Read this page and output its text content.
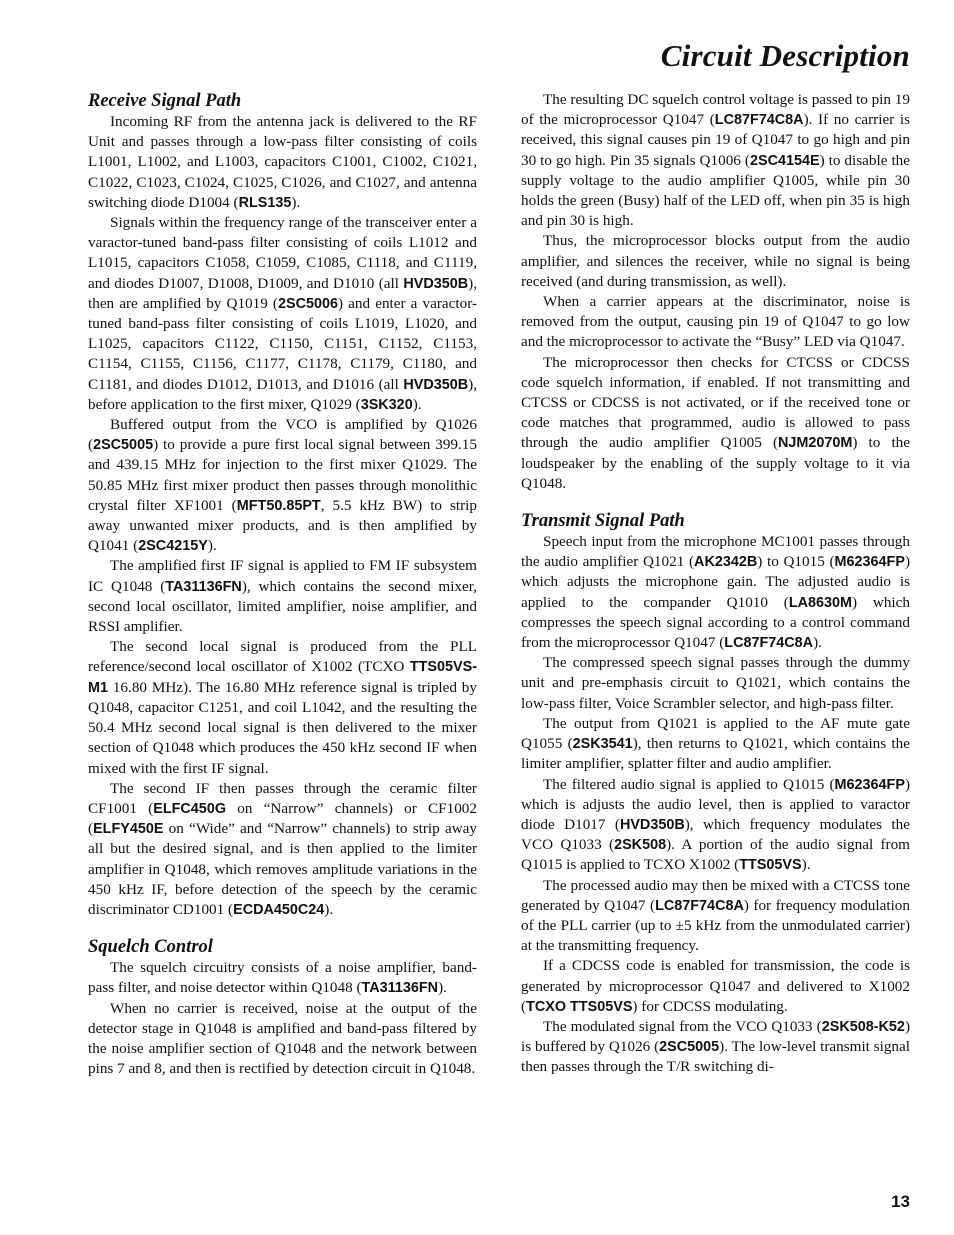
Circuit Description
Receive Signal Path

Incoming RF from the antenna jack is delivered to the RF Unit and passes through a low-pass filter consisting of coils L1001, L1002, and L1003, capacitors C1001, C1002, C1021, C1022, C1023, C1024, C1025, C1026, and C1027, and antenna switching diode D1004 (RLS135).

Signals within the frequency range of the transceiver enter a varactor-tuned band-pass filter consisting of coils L1012 and L1015, capacitors C1058, C1059, C1085, C1118, and C1119, and diodes D1007, D1008, D1009, and D1010 (all HVD350B), then are amplified by Q1019 (2SC5006) and enter a varactor-tuned band-pass filter consisting of coils L1019, L1020, and L1025, capacitors C1122, C1150, C1151, C1152, C1153, C1154, C1155, C1156, C1177, C1178, C1179, C1180, and C1181, and diodes D1012, D1013, and D1016 (all HVD350B), before application to the first mixer, Q1029 (3SK320).

Buffered output from the VCO is amplified by Q1026 (2SC5005) to provide a pure first local signal between 399.15 and 439.15 MHz for injection to the first mixer Q1029. The 50.85 MHz first mixer product then passes through monolithic crystal filter XF1001 (MFT50.85PT, 5.5 kHz BW) to strip away unwanted mixer products, and is then amplified by Q1041 (2SC4215Y).

The amplified first IF signal is applied to FM IF subsystem IC Q1048 (TA31136FN), which contains the second mixer, second local oscillator, limited amplifier, noise amplifier, and RSSI amplifier.

The second local signal is produced from the PLL reference/second local oscillator of X1002 (TCXO TTS05VS-M1 16.80 MHz). The 16.80 MHz reference signal is tripled by Q1048, capacitor C1251, and coil L1042, and the resulting the 50.4 MHz second local signal is then delivered to the mixer section of Q1048 which produces the 450 kHz second IF when mixed with the first IF signal.

The second IF then passes through the ceramic filter CF1001 (ELFC450G on “Narrow” channels) or CF1002 (ELFY450E on “Wide” and “Narrow” channels) to strip away all but the desired signal, and is then applied to the limiter amplifier in Q1048, which removes amplitude variations in the 450 kHz IF, before detection of the speech by the ceramic discriminator CD1001 (ECDA450C24).

Squelch Control

The squelch circuitry consists of a noise amplifier, band-pass filter, and noise detector within Q1048 (TA31136FN).

When no carrier is received, noise at the output of the detector stage in Q1048 is amplified and band-pass filtered by the noise amplifier section of Q1048 and the network between pins 7 and 8, and then is rectified by detection circuit in Q1048.

The resulting DC squelch control voltage is passed to pin 19 of the microprocessor Q1047 (LC87F74C8A). If no carrier is received, this signal causes pin 19 of Q1047 to go high and pin 30 to go high. Pin 35 signals Q1006 (2SC4154E) to disable the supply voltage to the audio amplifier Q1005, while pin 30 holds the green (Busy) half of the LED off, when pin 35 is high and pin 30 is high.

Thus, the microprocessor blocks output from the audio amplifier, and silences the receiver, while no signal is being received (and during transmission, as well).

When a carrier appears at the discriminator, noise is removed from the output, causing pin 19 of Q1047 to go low and the microprocessor to activate the “Busy” LED via Q1047.

The microprocessor then checks for CTCSS or CDCSS code squelch information, if enabled. If not transmitting and CTCSS or CDCSS is not activated, or if the received tone or code matches that programmed, audio is allowed to pass through the audio amplifier Q1005 (NJM2070M) to the loudspeaker by the enabling of the supply voltage to it via Q1048.

Transmit Signal Path

Speech input from the microphone MC1001 passes through the audio amplifier Q1021 (AK2342B) to Q1015 (M62364FP) which adjusts the microphone gain. The adjusted audio is applied to the compander Q1010 (LA8630M) which compresses the speech signal according to a control command from the microprocessor Q1047 (LC87F74C8A).

The compressed speech signal passes through the dummy unit and pre-emphasis circuit to Q1021, which contains the low-pass filter, Voice Scrambler selector, and high-pass filter.

The output from Q1021 is applied to the AF mute gate Q1055 (2SK3541), then returns to Q1021, which contains the limiter amplifier, splatter filter and audio amplifier.

The filtered audio signal is applied to Q1015 (M62364FP) which is adjusts the audio level, then is applied to varactor diode D1017 (HVD350B), which frequency modulates the VCO Q1033 (2SK508). A portion of the audio signal from Q1015 is applied to TCXO X1002 (TTS05VS).

The processed audio may then be mixed with a CTCSS tone generated by Q1047 (LC87F74C8A) for frequency modulation of the PLL carrier (up to ±5 kHz from the unmodulated carrier) at the transmitting frequency.

If a CDCSS code is enabled for transmission, the code is generated by microprocessor Q1047 and delivered to X1002 (TCXO TTS05VS) for CDCSS modulating.

The modulated signal from the VCO Q1033 (2SK508-K52) is buffered by Q1026 (2SC5005). The low-level transmit signal then passes through the T/R switching di-

13
